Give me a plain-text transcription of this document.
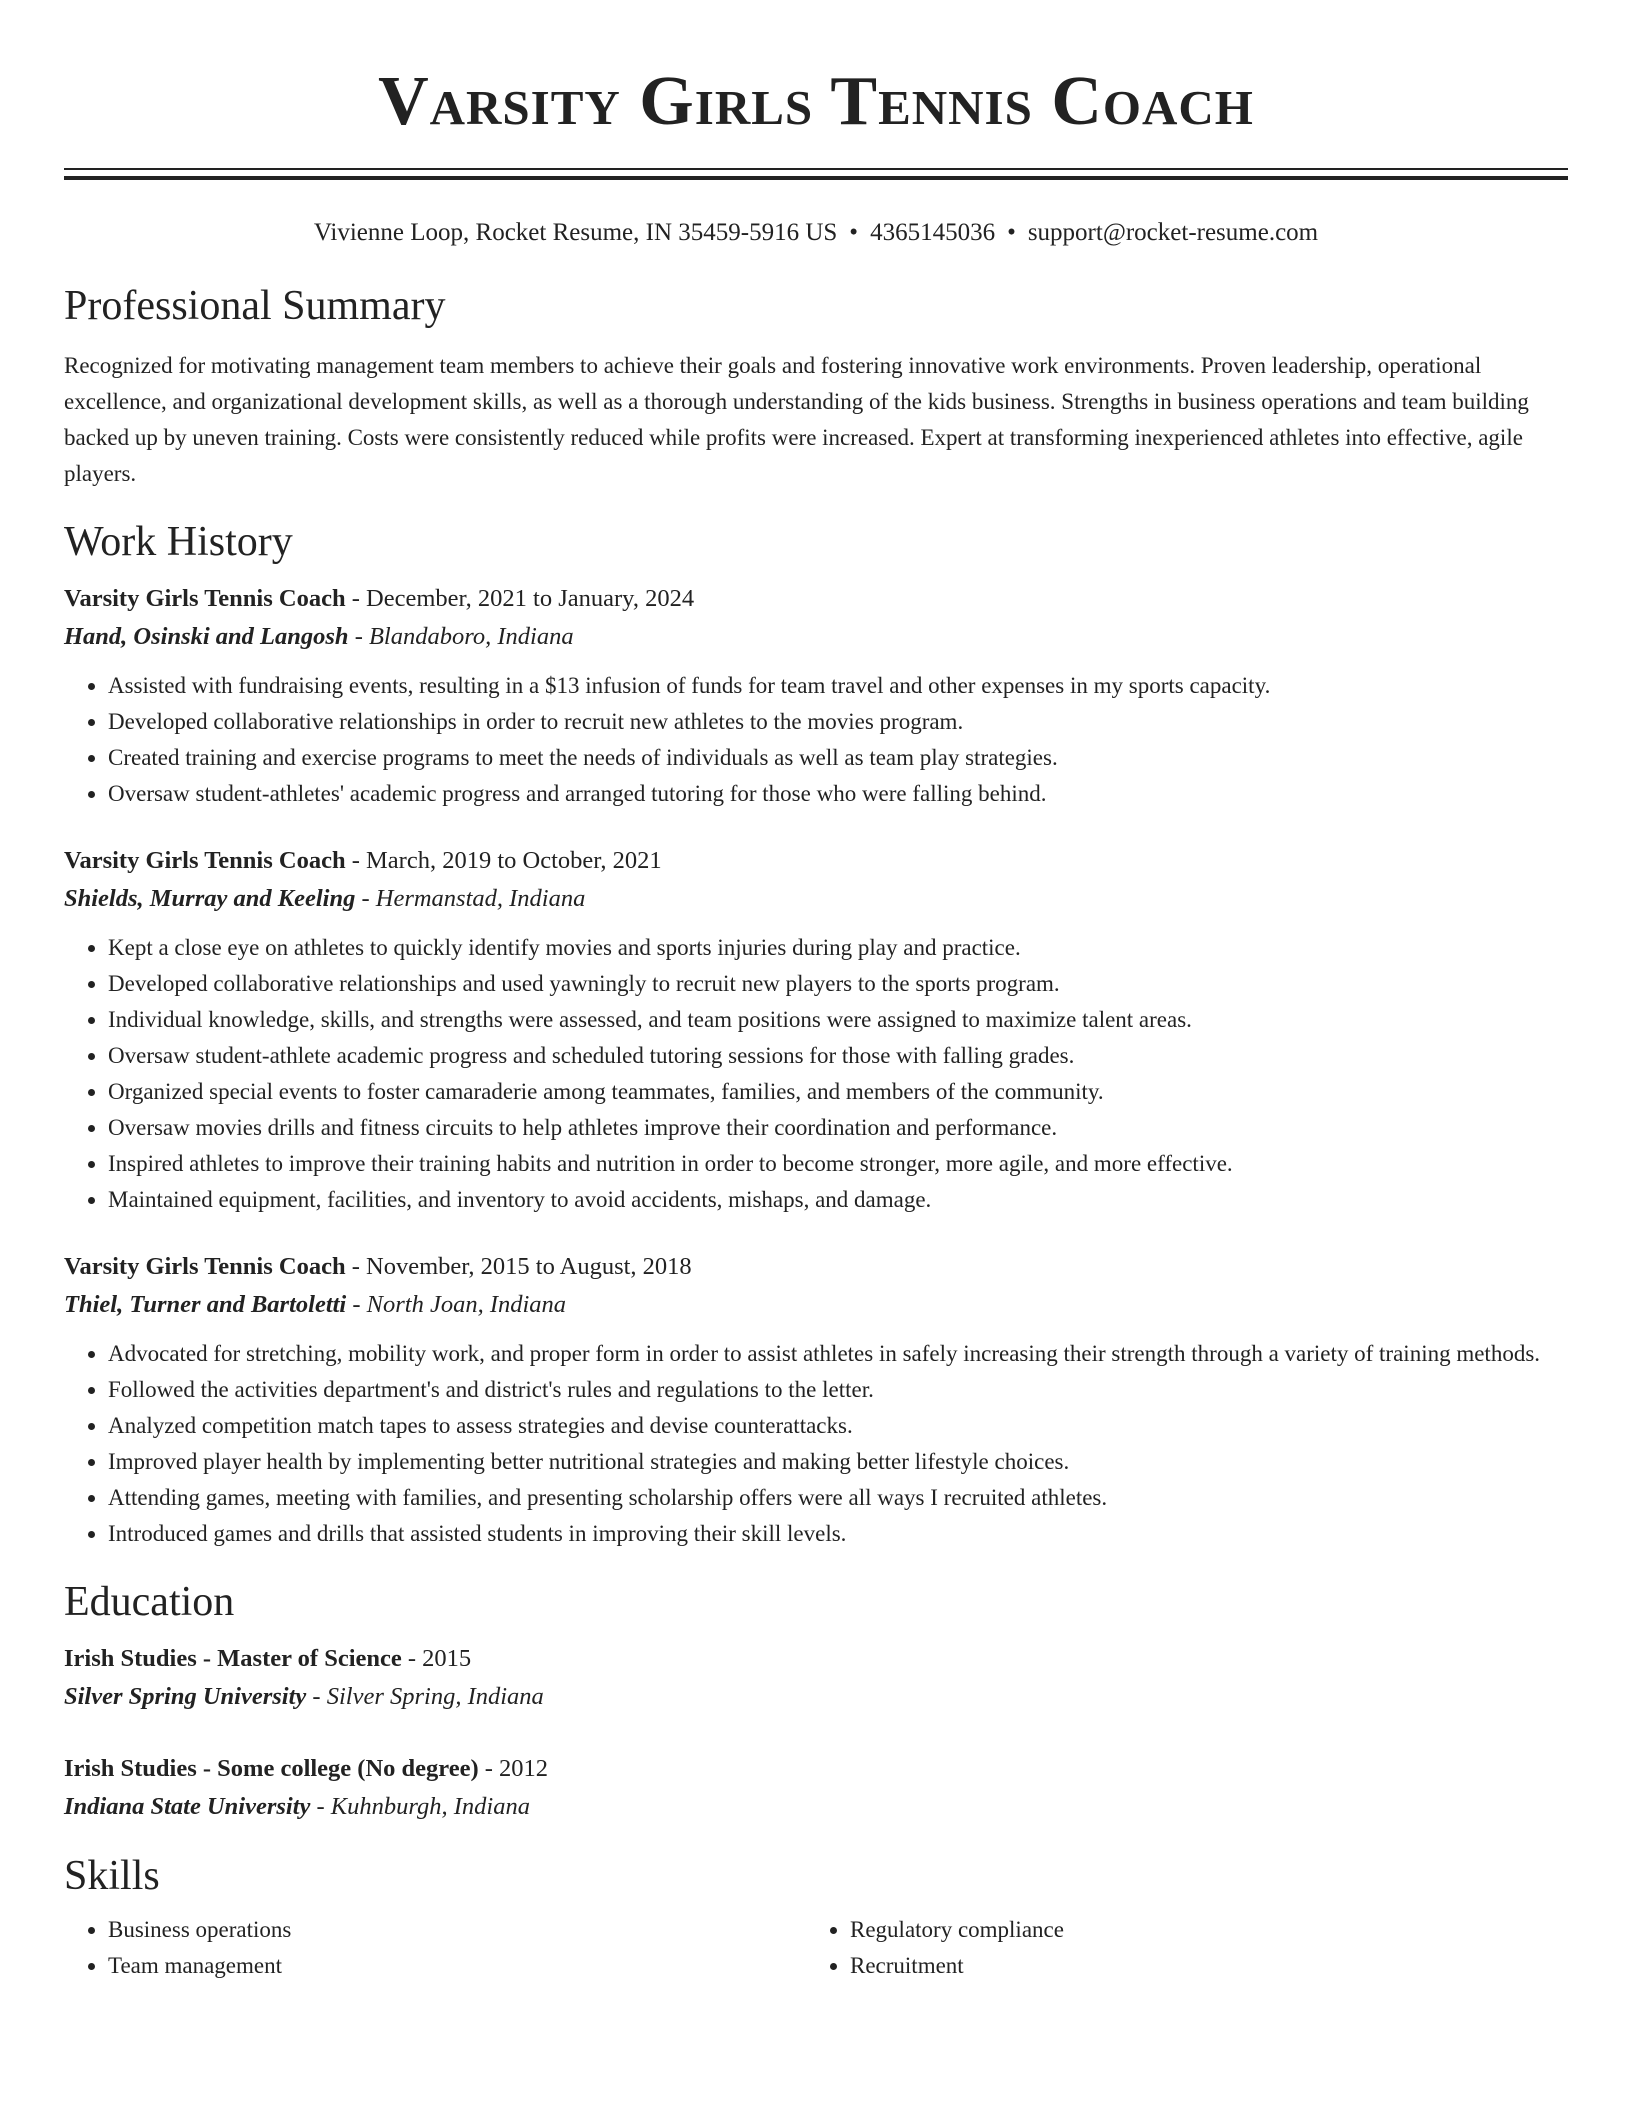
Varsity Girls Tennis Coach
Vivienne Loop, Rocket Resume, IN 35459-5916 US • 4365145036 • support@rocket-resume.com
Professional Summary

Recognized for motivating management team members to achieve their goals and fostering innovative work environments. Proven leadership, operational excellence, and organizational development skills, as well as a thorough understanding of the kids business. Strengths in business operations and team building backed up by uneven training. Costs were consistently reduced while profits were increased. Expert at transforming inexperienced athletes into effective, agile players.

Work History
Varsity Girls Tennis Coach - December, 2021 to January, 2024
Hand, Osinski and Langosh - Blandaboro, Indiana
• Assisted with fundraising events, resulting in a $13 infusion of funds for team travel and other expenses in my sports capacity.
• Developed collaborative relationships in order to recruit new athletes to the movies program.
• Created training and exercise programs to meet the needs of individuals as well as team play strategies.
• Oversaw student-athletes' academic progress and arranged tutoring for those who were falling behind.
Varsity Girls Tennis Coach - March, 2019 to October, 2021
Shields, Murray and Keeling - Hermanstad, Indiana
• Kept a close eye on athletes to quickly identify movies and sports injuries during play and practice.
• Developed collaborative relationships and used yawningly to recruit new players to the sports program.
• Individual knowledge, skills, and strengths were assessed, and team positions were assigned to maximize talent areas.
• Oversaw student-athlete academic progress and scheduled tutoring sessions for those with falling grades.
• Organized special events to foster camaraderie among teammates, families, and members of the community.
• Oversaw movies drills and fitness circuits to help athletes improve their coordination and performance.
• Inspired athletes to improve their training habits and nutrition in order to become stronger, more agile, and more effective.
• Maintained equipment, facilities, and inventory to avoid accidents, mishaps, and damage.
Varsity Girls Tennis Coach - November, 2015 to August, 2018
Thiel, Turner and Bartoletti - North Joan, Indiana
• Advocated for stretching, mobility work, and proper form in order to assist athletes in safely increasing their strength through a variety of training methods.
• Followed the activities department's and district's rules and regulations to the letter.
• Analyzed competition match tapes to assess strategies and devise counterattacks.
• Improved player health by implementing better nutritional strategies and making better lifestyle choices.
• Attending games, meeting with families, and presenting scholarship offers were all ways I recruited athletes.
• Introduced games and drills that assisted students in improving their skill levels.
Education
Irish Studies - Master of Science - 2015
Silver Spring University - Silver Spring, Indiana
Irish Studies - Some college (No degree) - 2012
Indiana State University - Kuhnburgh, Indiana
Skills
• Business operations
• Team management
• Regulatory compliance
• Recruitment
